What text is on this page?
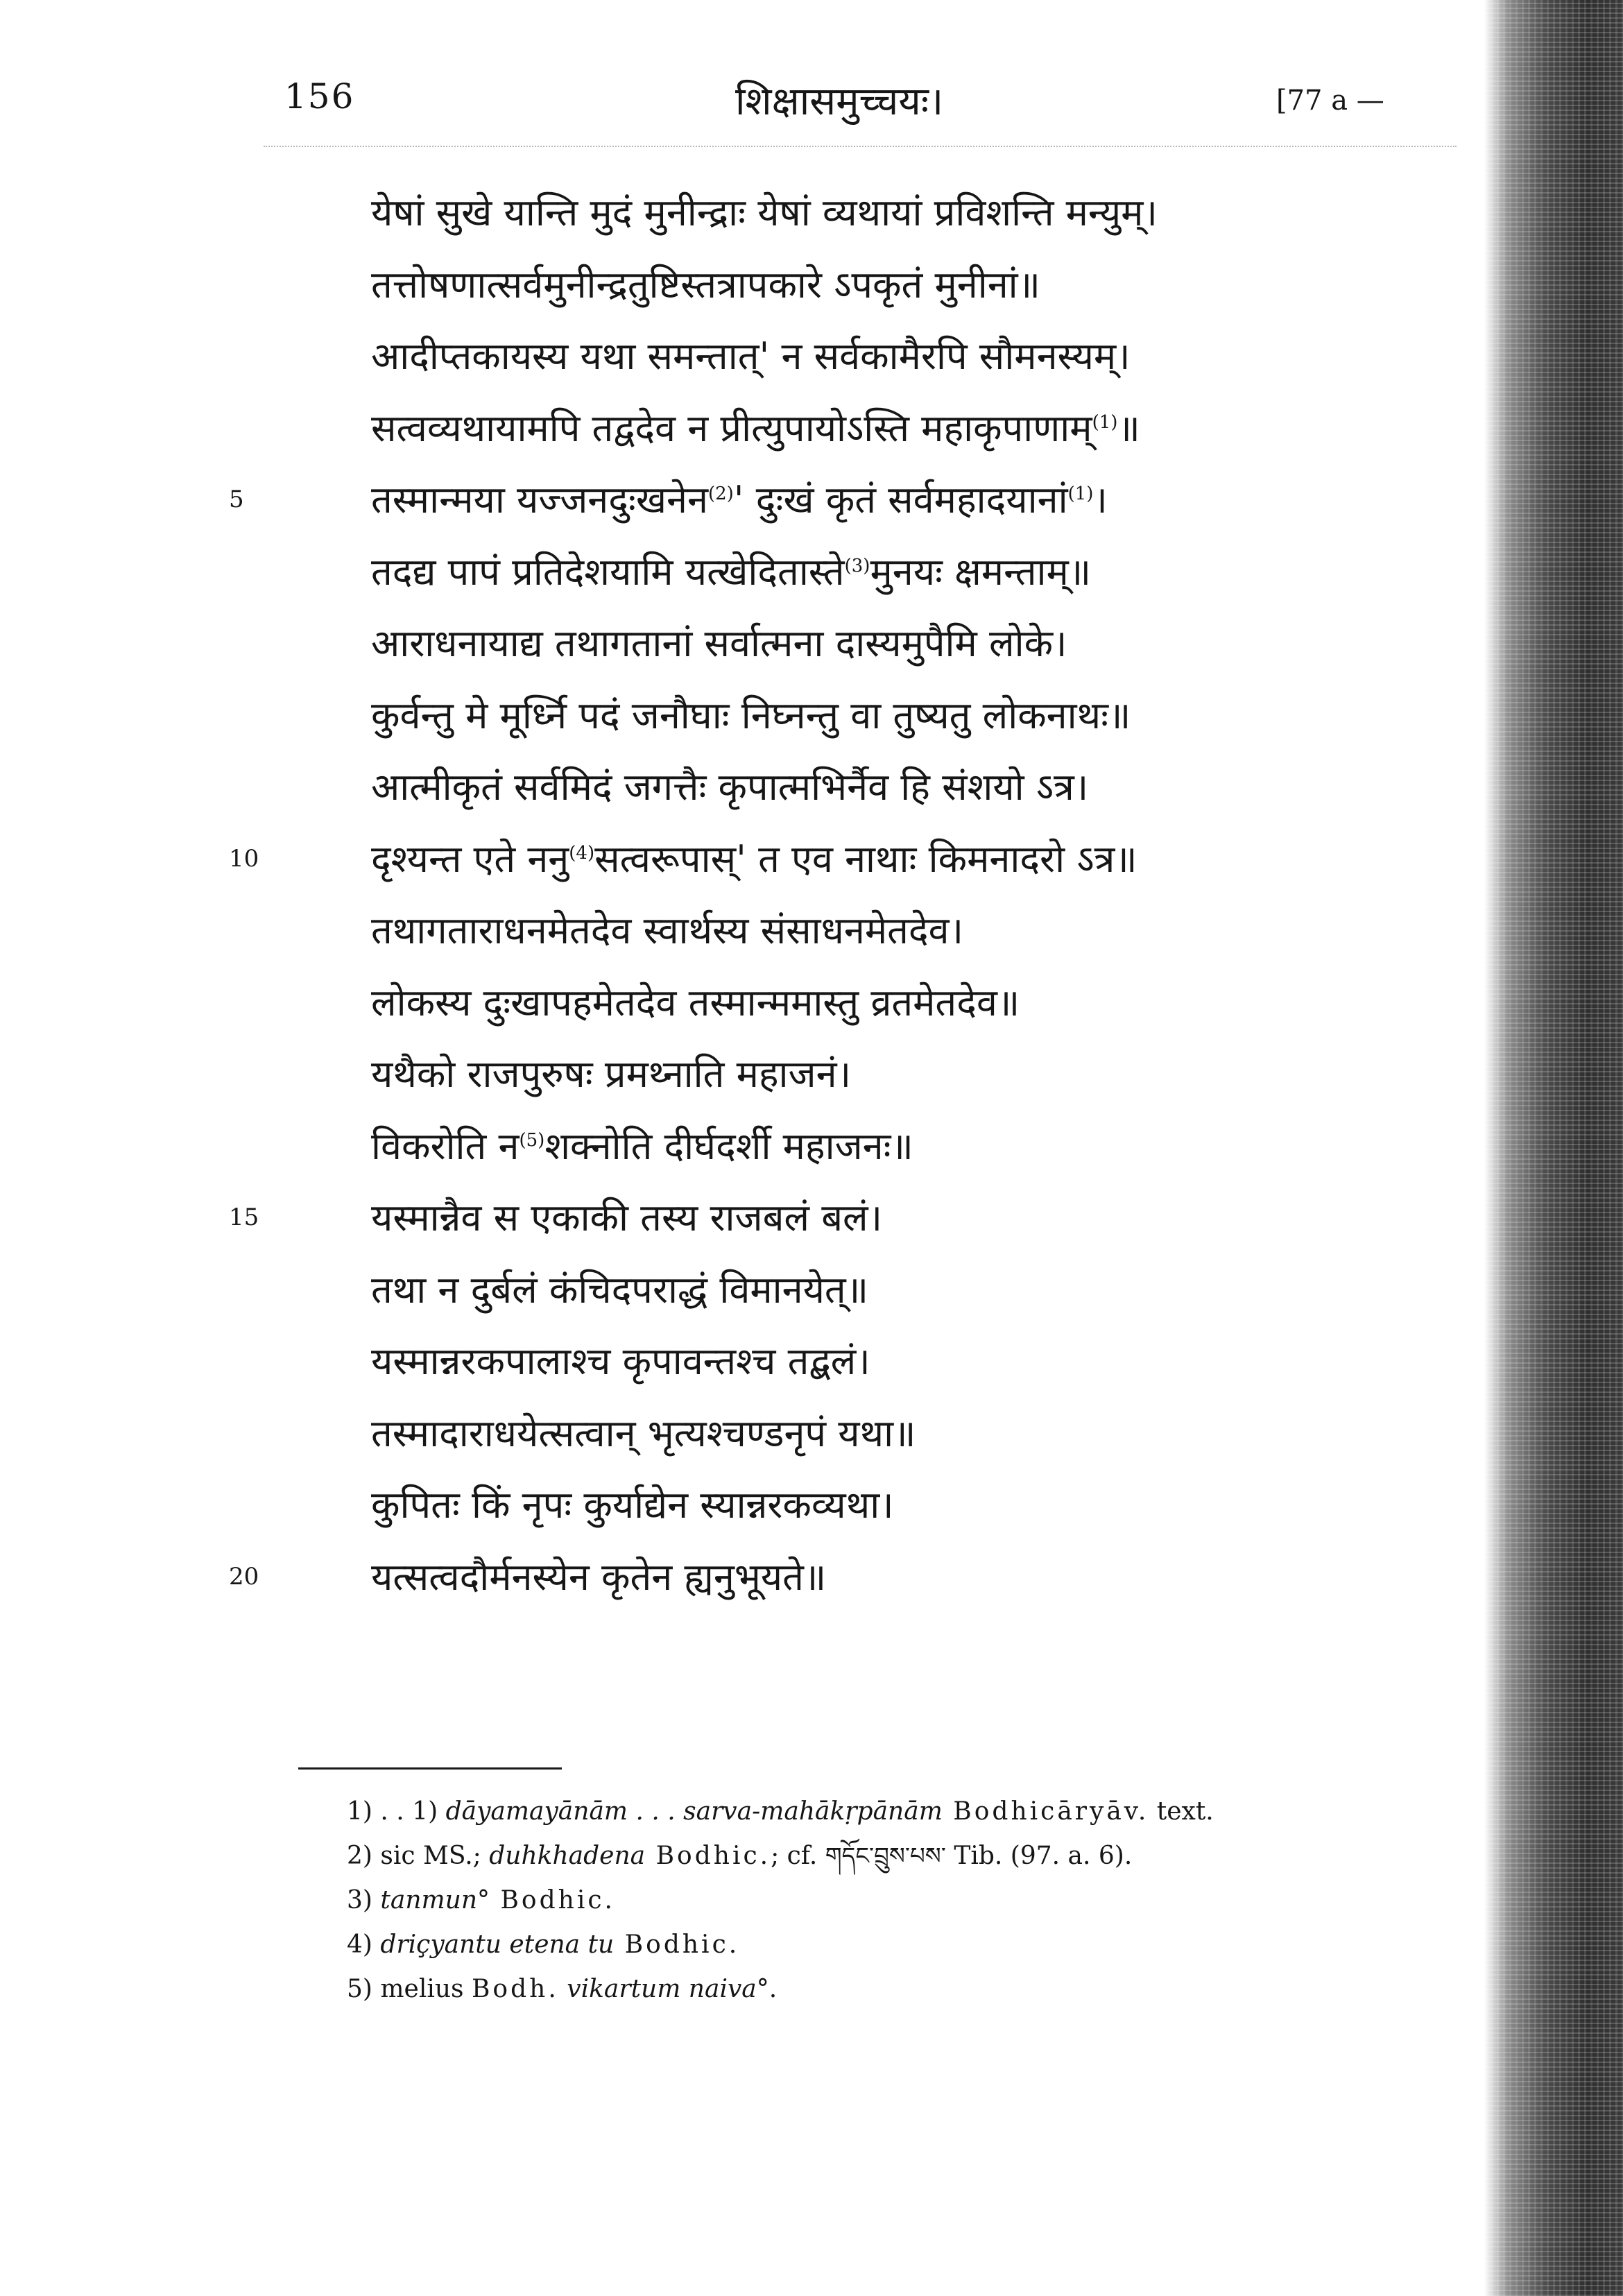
156	शिक्षासमुच्चयः।	[77 a —
येषां सुखे यान्ति मुदं मुनीन्द्राः येषां व्यथायां प्रविशन्ति मन्युम्।
तत्तोषणात्सर्वमुनीन्द्रतुष्टिस्तत्रापकारे ऽपकृतं मुनीनां॥
आदीप्तकायस्य यथा समन्तात्' न सर्वकामैरपि सौमनस्यम्।
सत्वव्यथायामपि तद्वदेव न प्रीत्युपायोऽस्ति महाकृपाणाम्$^{(1)}$॥
5	तस्मान्मया यज्जनदुःखनेन$^{(2)}$' दुःखं कृतं सर्वमहादयानां$^{(1)}$।
तदद्य पापं प्रतिदेशयामि यत्खेदितास्ते$^{(3)}$मुनयः क्षमन्ताम्॥
आराधनायाद्य तथागतानां सर्वात्मना दास्यमुपैमि लोके।
कुर्वन्तु मे मूर्ध्नि पदं जनौघाः निघ्नन्तु वा तुष्यतु लोकनाथः॥
आत्मीकृतं सर्वमिदं जगत्तैः कृपात्मभिर्नैव हि संशयो ऽत्र।
10	दृश्यन्त एते ननु$^{(4)}$सत्वरूपास्' त एव नाथाः किमनादरो ऽत्र॥
तथागताराधनमेतदेव स्वार्थस्य संसाधनमेतदेव।
लोकस्य दुःखापहमेतदेव तस्मान्ममास्तु व्रतमेतदेव॥
यथैको राजपुरुषः प्रमथ्नाति महाजनं।
विकरोति न$^{(5)}$शक्नोति दीर्घदर्शी महाजनः॥
15	यस्मान्नैव स एकाकी तस्य राजबलं बलं।
तथा न दुर्बलं कंचिदपराद्धं विमानयेत्॥
यस्मान्नरकपालाश्च कृपावन्तश्च तद्बलं।
तस्मादाराधयेत्सत्वान् भृत्यश्चण्डनृपं यथा॥
कुपितः किं नृपः कुर्याद्येन स्यान्नरकव्यथा।
20	यत्सत्वदौर्मनस्येन कृतेन ह्यनुभूयते॥
1) . . 1) dāyamayānām . . . sarva-mahākṛpānām Bodhicāryāv. text.
2) sic MS.; duhkhadena Bodhic.; cf. གདོང་བྲུས་པས་ Tib. (97. a. 6).
3) tanmun° Bodhic.
4) driçyantu etena tu Bodhic.
5) melius Bodh. vikartum naiva°.
